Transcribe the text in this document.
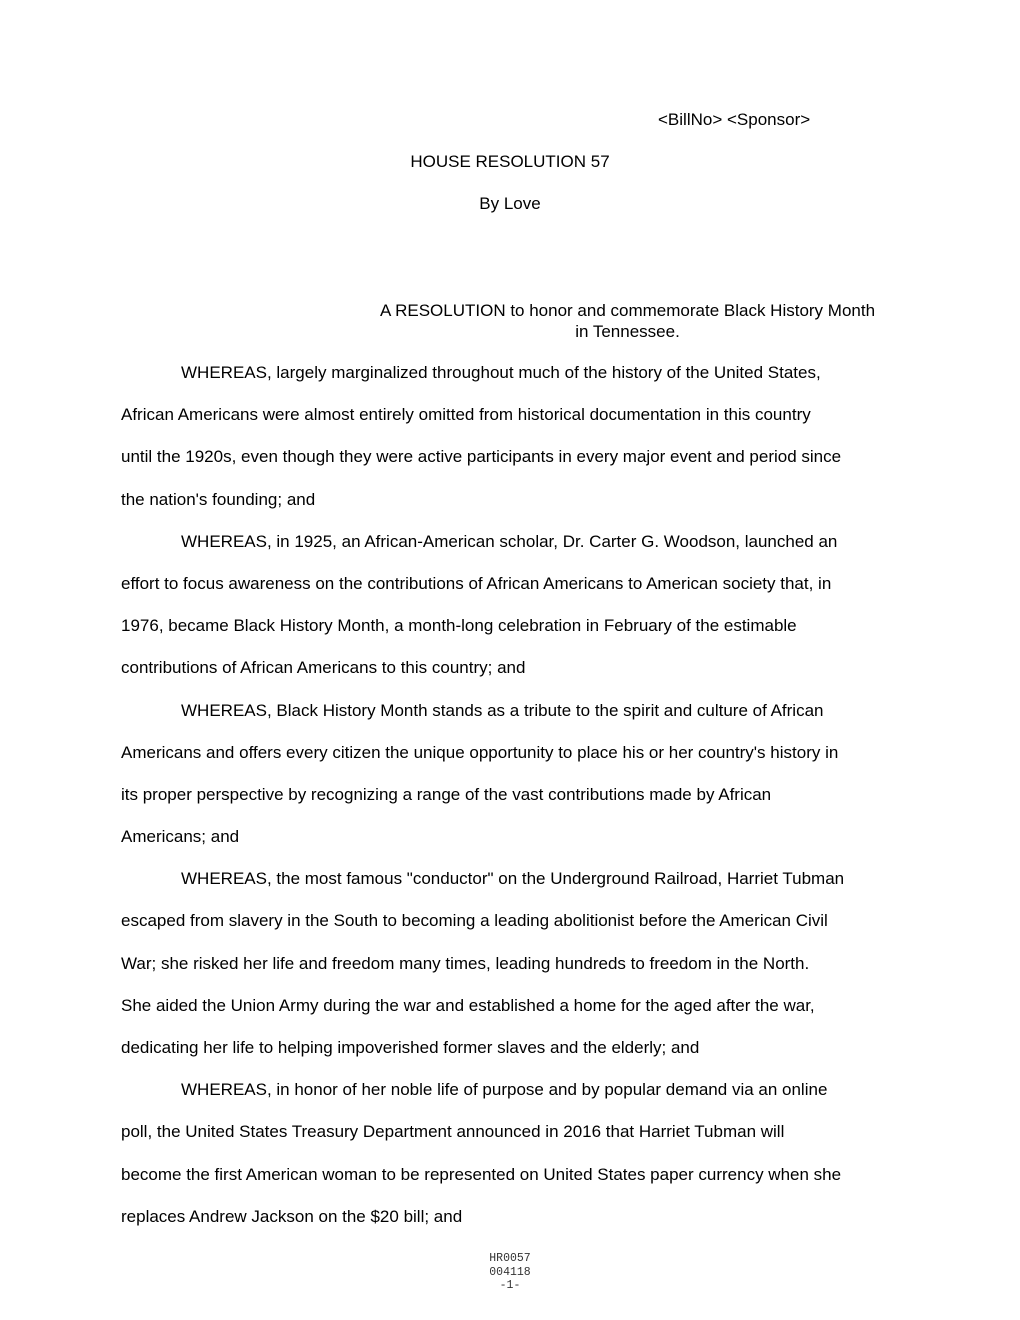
<BillNo> <Sponsor>
HOUSE RESOLUTION 57
By Love
A RESOLUTION to honor and commemorate Black History Month
in Tennessee.
WHEREAS, largely marginalized throughout much of the history of the United States,
African Americans were almost entirely omitted from historical documentation in this country
until the 1920s, even though they were active participants in every major event and period since
the nation's founding; and
WHEREAS, in 1925, an African-American scholar, Dr. Carter G. Woodson, launched an
effort to focus awareness on the contributions of African Americans to American society that, in
1976, became Black History Month, a month-long celebration in February of the estimable
contributions of African Americans to this country; and
WHEREAS, Black History Month stands as a tribute to the spirit and culture of African
Americans and offers every citizen the unique opportunity to place his or her country's history in
its proper perspective by recognizing a range of the vast contributions made by African
Americans; and
WHEREAS, the most famous "conductor" on the Underground Railroad, Harriet Tubman
escaped from slavery in the South to becoming a leading abolitionist before the American Civil
War; she risked her life and freedom many times, leading hundreds to freedom in the North.
She aided the Union Army during the war and established a home for the aged after the war,
dedicating her life to helping impoverished former slaves and the elderly; and
WHEREAS, in honor of her noble life of purpose and by popular demand via an online
poll, the United States Treasury Department announced in 2016 that Harriet Tubman will
become the first American woman to be represented on United States paper currency when she
replaces Andrew Jackson on the $20 bill; and
HR0057
004118
-1-
